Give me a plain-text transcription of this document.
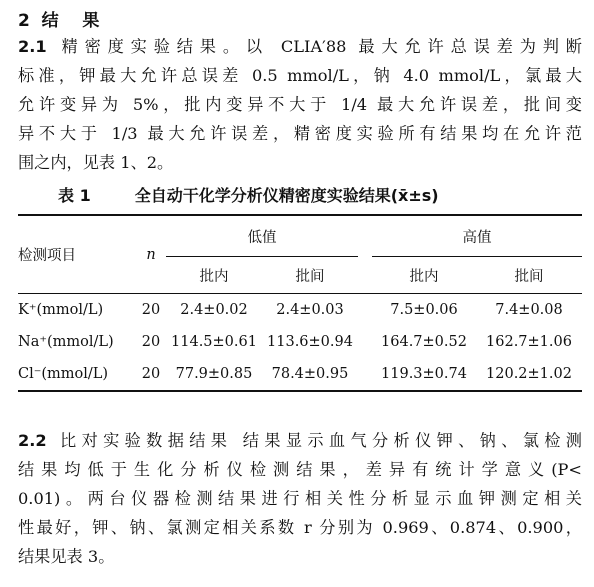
2  结    果
2.1 精密度实验结果。以 CLIA′88 最大允许总误差为判断
标准，钾最大允许总误差 0.5 mmol/L，钠 4.0 mmol/L，氯最大
允许变异为 5%，批内变异不大于 1/4 最大允许误差，批间变
异不大于 1/3 最大允许误差，精密度实验所有结果均在允许范
围之内，见表 1、2。
表 1	全自动干化学分析仪精密度实验结果(x̄±s)
检测项目	n	低值			高值	
		批内	批间		批内	批间
K⁺(mmol/L)	20	2.4±0.02	2.4±0.03		7.5±0.06	7.4±0.08
Na⁺(mmol/L)	20	114.5±0.61	113.6±0.94		164.7±0.52	162.7±1.06
Cl⁻(mmol/L)	20	77.9±0.85	78.4±0.95		119.3±0.74	120.2±1.02
2.2 比对实验数据结果 结果显示血气分析仪钾、钠、氯检测
结果均低于生化分析仪检测结果，差异有统计学意义(P<
0.01)。两台仪器检测结果进行相关性分析显示血钾测定相关
性最好，钾、钠、氯测定相关系数 r 分别为 0.969、0.874、0.900，
结果见表 3。
